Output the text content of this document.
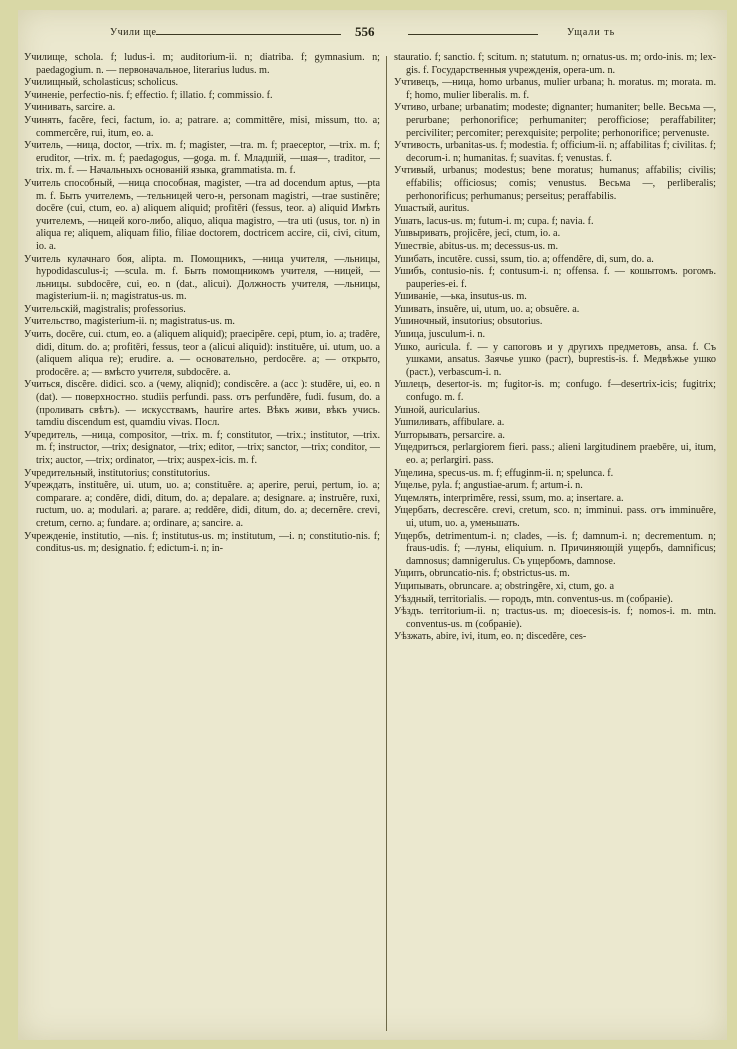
Учили ще	556	Ущали ть
Училище, schola. f; ludus-i. m; auditorium-ii. n; diatriba. f; gymnasium. n; paedagogium. n. — первоначальное, literarius ludus. m.
Училищный, scholasticus; scholicus.
Учиненіе, perfectio-nis. f; effectio. f; illatio. f; commissio. f.
Учинивать, sarcire. a.
Учинять, facĕre, feci, factum, io. a; patrare. a; committĕre, misi, missum, tto. a; commercĕre, rui, itum, eo. a.
Учитель, —ница, doctor, —trix. m. f; magister, —tra. m. f; praeceptor, —trix. m. f; eruditor, —trix. m. f; paedagogus, —goga. m. f. Младшій, —шая—, traditor, —trix. m. f. — Начальныхъ основаній языка, grammatista. m. f.
Учитель способный, —ница способная, magister, —tra ad docendum aptus, —pta m. f. Быть учителемъ, —тельницей чего-н, personam magistri, —trae sustinĕre; docēre (cui, ctum, eo. a) aliquem aliquid; profitēri (fessus, teor. a) aliquid Имѣть учителемъ, —ницей кого-либо, aliquo, aliqua magistro, —tra uti (usus, tor. n) in aliqua re; aliquem, aliquam filio, filiae doctorem, doctricem accire, cii, civi, citum, io. a.
Учитель кулачнаго боя, alipta. m. Помощникъ, —ница учителя, —льницы, hypodidasculus-i; —scula. m. f. Быть помощникомъ учителя, —ницей, —льницы. subdocēre, cui, eo. n (dat., alicui). Должность учителя, —льницы, magisterium-ii. n; magistratus-us. m.
Учительскій, magistralis; professorius.
Учительство, magisterium-ii. n; magistratus-us. m.
Учить, docēre, cui. ctum, eo. a (aliquem aliquid); praecipĕre. cepi, ptum, io. a; tradĕre, didi, ditum. do. a; profitēri, fessus, teor a (alicui aliquid): instituĕre, ui. utum, uo. a (aliquem aliqua re); erudire. a. — основательно, perdocēre. a; — открыто, prodocēre. a; — вмѣсто учителя, subdocēre. a.
Учиться, discĕre. didici. sco. a (чему, aliqnid); condiscĕre. a (acc ): studēre, ui, eo. n (dat). — поверхностно. studiis perfundi. pass. отъ perfundĕre, fudi. fusum, do. a (проливать свѣтъ). — искусствамъ, haurire artes. Вѣкъ живи, вѣкъ учись. tamdiu discendum est, quamdiu vivas. Посл.
Учредитель, —ница, compositor, —trix. m. f; constitutor, —trix.; institutor, —trix. m. f; instructor, —trix; designator, —trix; editor, —trix; sanctor, —trix; conditor, —trix; auctor, —trix; ordinator, —trix; auspex-icis. m. f.
Учредительный, institutorius; constitutorius.
Учреждать, instituĕre, ui. utum, uo. a; constituĕre. a; aperire, perui, pertum, io. a; comparare. a; condĕre, didi, ditum, do. a; depalare. a; designare. a; instruĕre, ruxi, ructum, uo. a; modulari. a; parare. a; reddĕre, didi, ditum, do. a; decernĕre. crevi, cretum, cerno. a; fundare. a; ordinare, a; sancire. a.
Учрежденіе, institutio, —nis. f; institutus-us. m; institutum, —i. n; constitutio-nis. f; conditus-us. m; designatio. f; edictum-i. n; in-
stauratio. f; sanctio. f; scitum. n; statutum. n; ornatus-us. m; ordo-inis. m; lex-gis. f. Государственныя учрежденія, opera-um. n.
Учтивецъ, —ница, homo urbanus, mulier urbana; h. moratus. m; morata. m. f; homo, mulier liberalis. m. f.
Учтиво, urbane; urbanatim; modeste; dignanter; humaniter; belle. Весьма —, perurbane; perhonorifice; perhumaniter; perofficiose; peraffabiliter; perciviliter; percomiter; perexquisite; perpolite; perhonorifice; pervenuste.
Учтивость, urbanitas-us. f; modestia. f; officium-ii. n; affabilitas f; civilitas. f; decorum-i. n; humanitas. f; suavitas. f; venustas. f.
Учтивый, urbanus; modestus; bene moratus; humanus; affabilis; civilis; effabilis; officiosus; comis; venustus. Весьма —, perliberalis; perhonorificus; perhumanus; perseitus; peraffabilis.
Ушастый, auritus.
Ушать, lacus-us. m; futum-i. m; cupa. f; navia. f.
Ушвыривать, projicĕre, jeci, ctum, io. a.
Ушествіе, abitus-us. m; decessus-us. m.
Ушибать, incutĕre. cussi, ssum, tio. a; offendĕre, di, sum, do. a.
Ушибъ, contusio-nis. f; contusum-i. n; offensa. f. — кошытомъ. рогомъ. pauperies-ei. f.
Ушиваніе, —ька, insutus-us. m.
Ушивать, insuĕre, ui, utum, uo. a; obsuĕre. a.
Ушиночный, insutorius; obsutorius.
Ушица, jusculum-i. n.
Ушко, auricula. f. — у сапоговъ и у другихъ предметовъ, ansa. f. Съ ушками, ansatus. Заячье ушко (раст), buprestis-is. f. Медвѣжье ушко (раст.), verbascum-i. n.
Ушлецъ, desertor-is. m; fugitor-is. m; confugo. f—desertrix-icis; fugitrix; confugo. m. f.
Ушной, auricularius.
Ушпиливать, affibulare. a.
Ушторывать, persarcire. a.
Ущедриться, perlargiorem fieri. pass.; alieni largitudinem praebēre, ui, itum, eo. a; perlargiri. pass.
Ущелина, specus-us. m. f; effuginm-ii. n; spelunca. f.
Ущелье, pyla. f; angustiae-arum. f; artum-i. n.
Ущемлять, interprimĕre, ressi, ssum, mo. a; insertare. a.
Ущербать, decrescĕre. crevi, cretum, sco. n; imminui. pass. отъ imminuĕre, ui, utum, uo. a, уменьшать.
Ущербъ, detrimentum-i. n; clades, —is. f; damnum-i. n; decrementum. n; fraus-udis. f; —луны, eliquium. n. Причиняющій ущербъ, damnificus; damnosus; damnigerulus. Съ ущербомъ, damnose.
Ущипъ, obruncatio-nis. f; obstrictus-us. m.
Ущипывать, obruncare. a; obstringĕre, xi, ctum, go. a
Уѣздный, territorialis. — городъ, mtn. conventus-us. m (собраніе).
Уѣздъ. territorium-ii. n; tractus-us. m; dioecesis-is. f; nomos-i. m. mtn. conventus-us. m (собраніе).
Уѣзжать, abire, ivi, itum, eo. n; discedĕre, ces-
